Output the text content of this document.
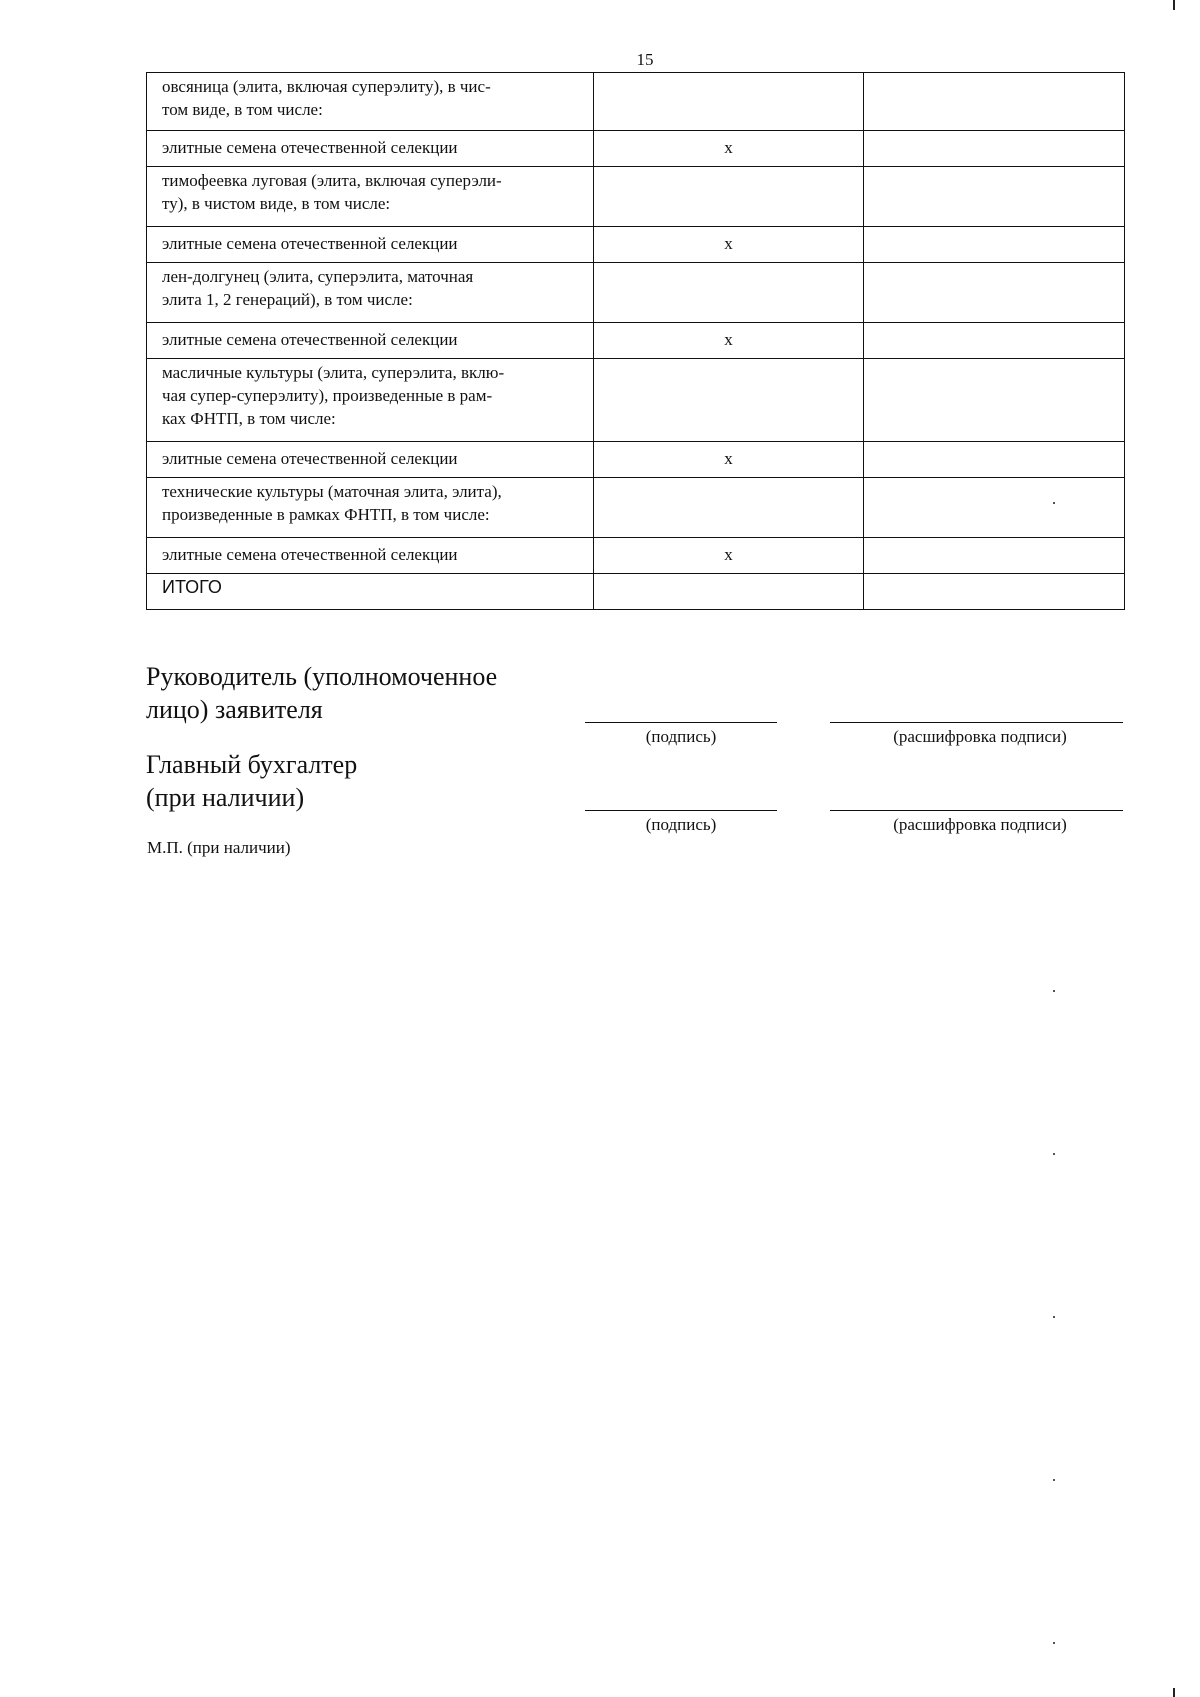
15
овсяница (элита, включая суперэлиту), в чис-
том виде, в том числе:		
элитные семена отечественной селекции	х	
тимофеевка луговая (элита, включая суперэли-
ту), в чистом виде, в том числе:		
элитные семена отечественной селекции	х	
лен-долгунец (элита, суперэлита, маточная
элита 1, 2 генераций), в том числе:		
элитные семена отечественной селекции	х	
масличные культуры (элита, суперэлита, вклю-
чая супер-суперэлиту), произведенные в рам-
ках ФНТП, в том числе:		
элитные семена отечественной селекции	х	
технические культуры (маточная элита, элита),
произведенные в рамках ФНТП, в том числе:		
элитные семена отечественной селекции	х	
ИТОГО		
Руководитель (уполномоченное
лицо) заявителя
(подпись)	(расшифровка подписи)
Главный бухгалтер
(при наличии)
(подпись)	(расшифровка подписи)
М.П. (при наличии)
